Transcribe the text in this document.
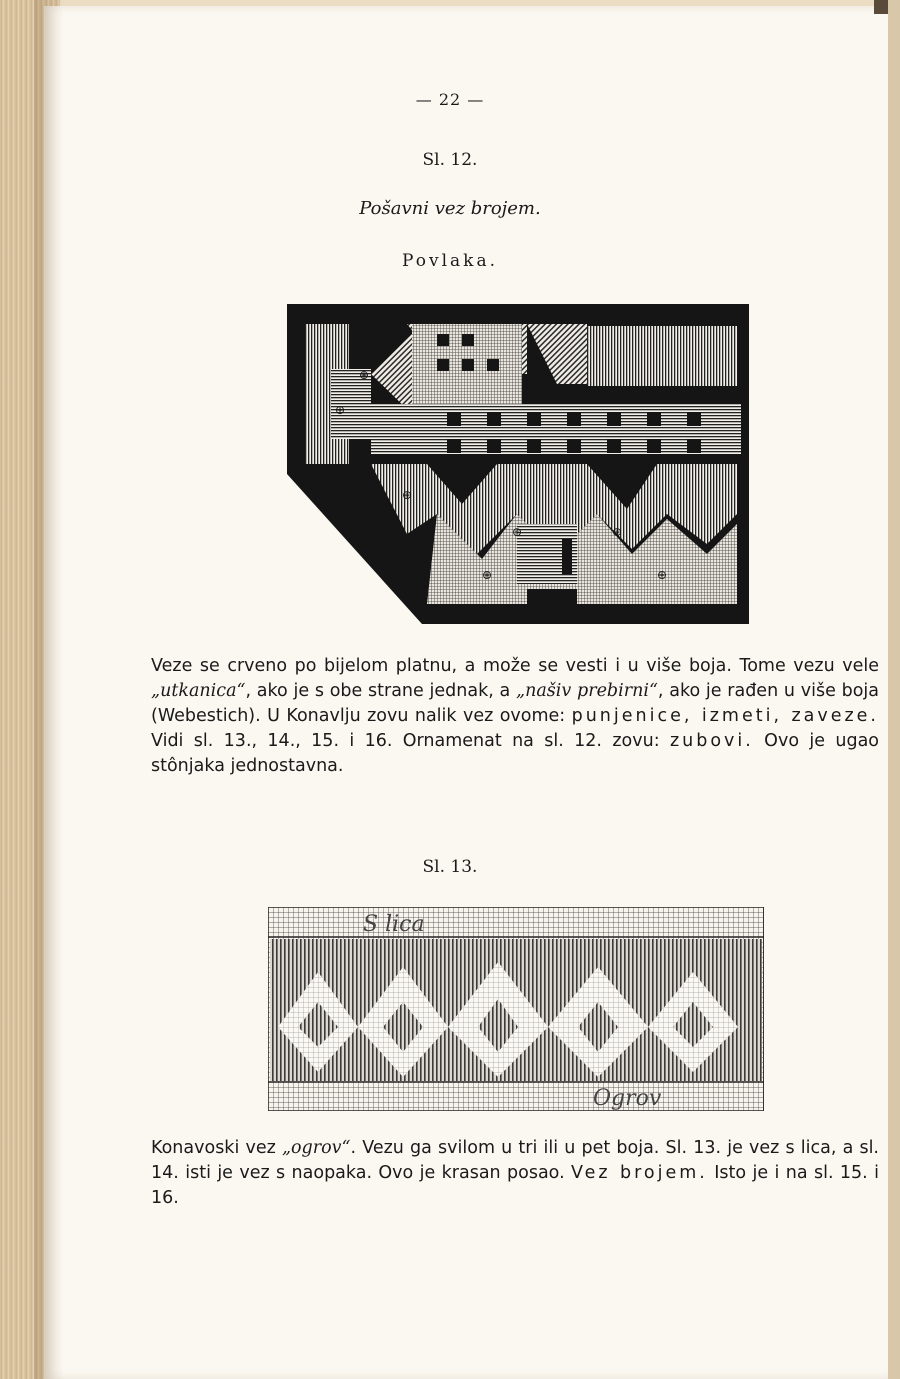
— 22 —
Sl. 12.
Pošavni vez brojem.
Povlaka.
⊕
⊕
⊕
⊕
⊕	⊕
⊕	⊕

Veze se crveno po bijelom platnu, a može se vesti i u više boja. Tome vezu vele „utkanica“, ako je s obe strane jednak, a „našiv prebirni“, ako je rađen u više boja (Webestich). U Konavlju zovu nalik vez ovome: punjenice, izmeti, zaveze. Vidi sl. 13., 14., 15. i 16. Ornamenat na sl. 12. zovu: zubovi. Ovo je ugao stônjaka jednostavna.

Sl. 13.
S lica
Ogrov

Konavoski vez „ogrov“. Vezu ga svilom u tri ili u pet boja. Sl. 13. je vez s lica, a sl. 14. isti je vez s naopaka. Ovo je krasan posao. Vez brojem. Isto je i na sl. 15. i 16.
